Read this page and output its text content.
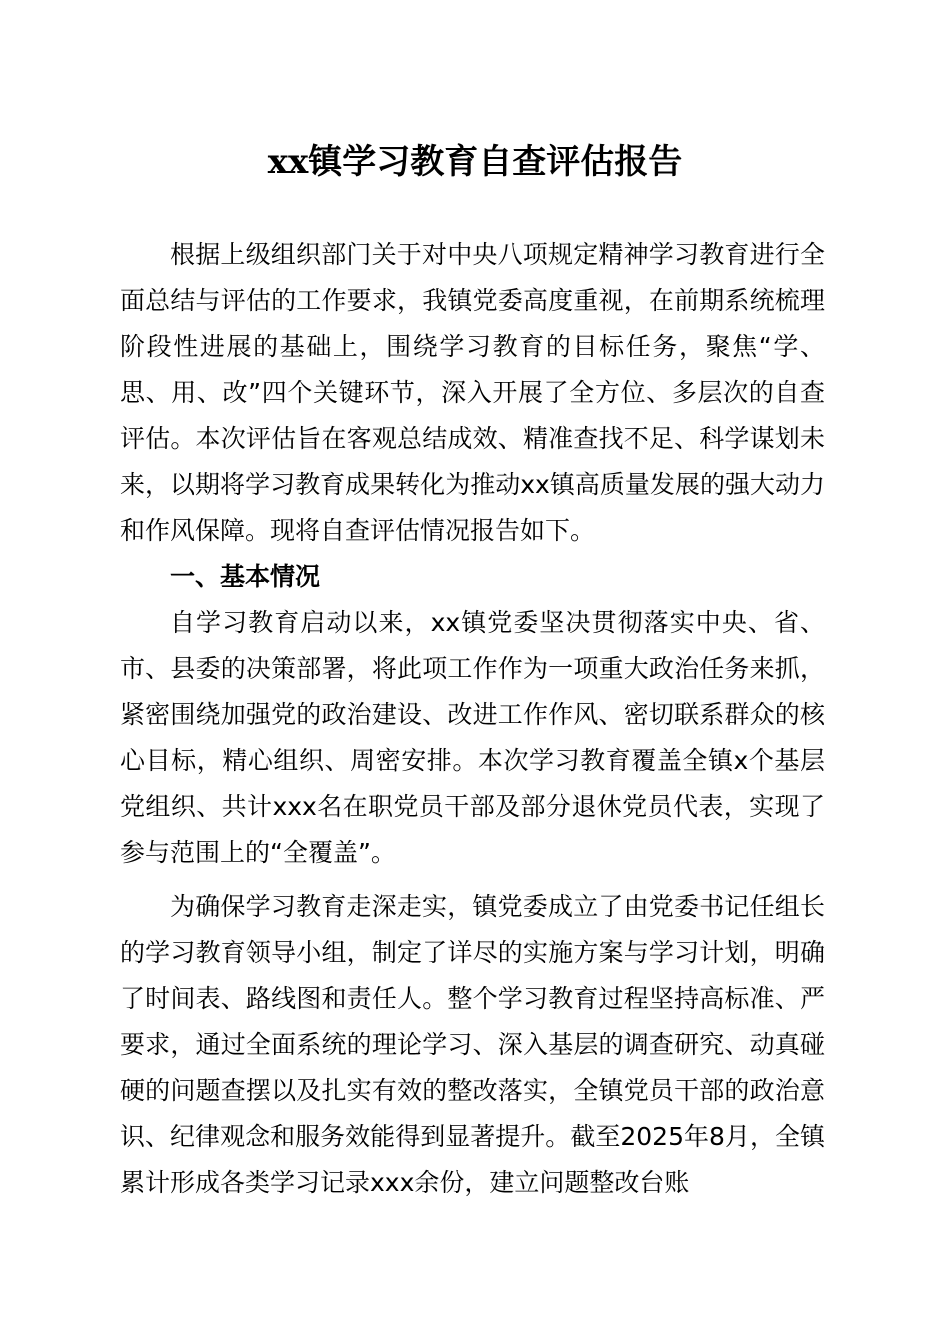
xx镇学习教育自查评估报告

根据上级组织部门关于对中央八项规定精神学习教育进行全面总结与评估的工作要求，我镇党委高度重视，在前期系统梳理阶段性进展的基础上，围绕学习教育的目标任务，聚焦“学、思、用、改”四个关键环节，深入开展了全方位、多层次的自查评估。本次评估旨在客观总结成效、精准查找不足、科学谋划未来，以期将学习教育成果转化为推动xx镇高质量发展的强大动力和作风保障。现将自查评估情况报告如下。

一、基本情况

自学习教育启动以来，xx镇党委坚决贯彻落实中央、省、市、县委的决策部署，将此项工作作为一项重大政治任务来抓，紧密围绕加强党的政治建设、改进工作作风、密切联系群众的核心目标，精心组织、周密安排。本次学习教育覆盖全镇x个基层党组织、共计xxx名在职党员干部及部分退休党员代表，实现了参与范围上的“全覆盖”。

为确保学习教育走深走实，镇党委成立了由党委书记任组长的学习教育领导小组，制定了详尽的实施方案与学习计划，明确了时间表、路线图和责任人。整个学习教育过程坚持高标准、严要求，通过全面系统的理论学习、深入基层的调查研究、动真碰硬的问题查摆以及扎实有效的整改落实，全镇党员干部的政治意识、纪律观念和服务效能得到显著提升。截至2025年8月，全镇累计形成各类学习记录xxx余份，建立问题整改台账
